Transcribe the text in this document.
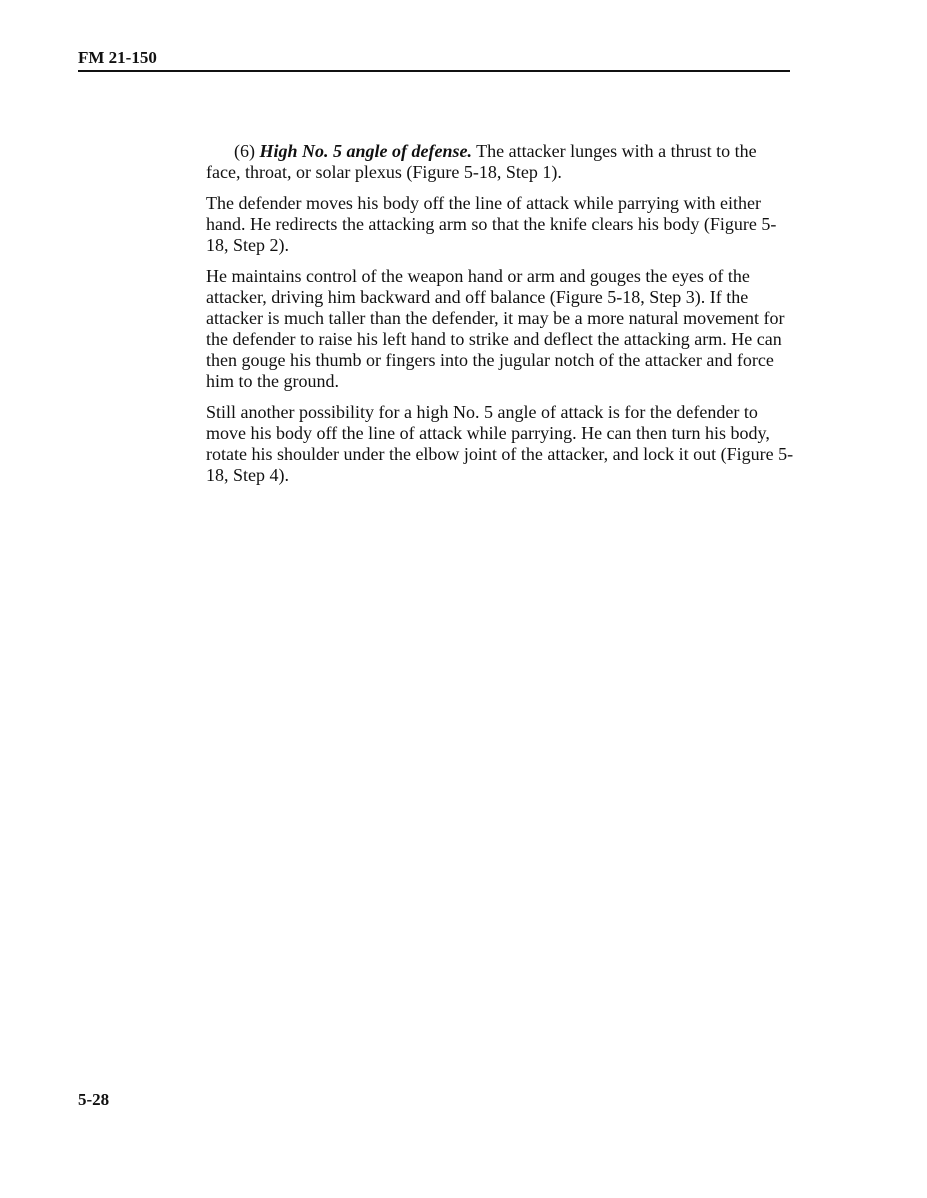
FM 21-150

(6) High No. 5 angle of defense. The attacker lunges with a thrust to the face, throat, or solar plexus (Figure 5-18, Step 1).

The defender moves his body off the line of attack while parrying with either hand. He redirects the attacking arm so that the knife clears his body (Figure 5-18, Step 2).

He maintains control of the weapon hand or arm and gouges the eyes of the attacker, driving him backward and off balance (Figure 5-18, Step 3). If the attacker is much taller than the defender, it may be a more natural movement for the defender to raise his left hand to strike and deflect the attacking arm. He can then gouge his thumb or fingers into the jugular notch of the attacker and force him to the ground.

Still another possibility for a high No. 5 angle of attack is for the defender to move his body off the line of attack while parrying. He can then turn his body, rotate his shoulder under the elbow joint of the attacker, and lock it out (Figure 5-18, Step 4).

5-28
